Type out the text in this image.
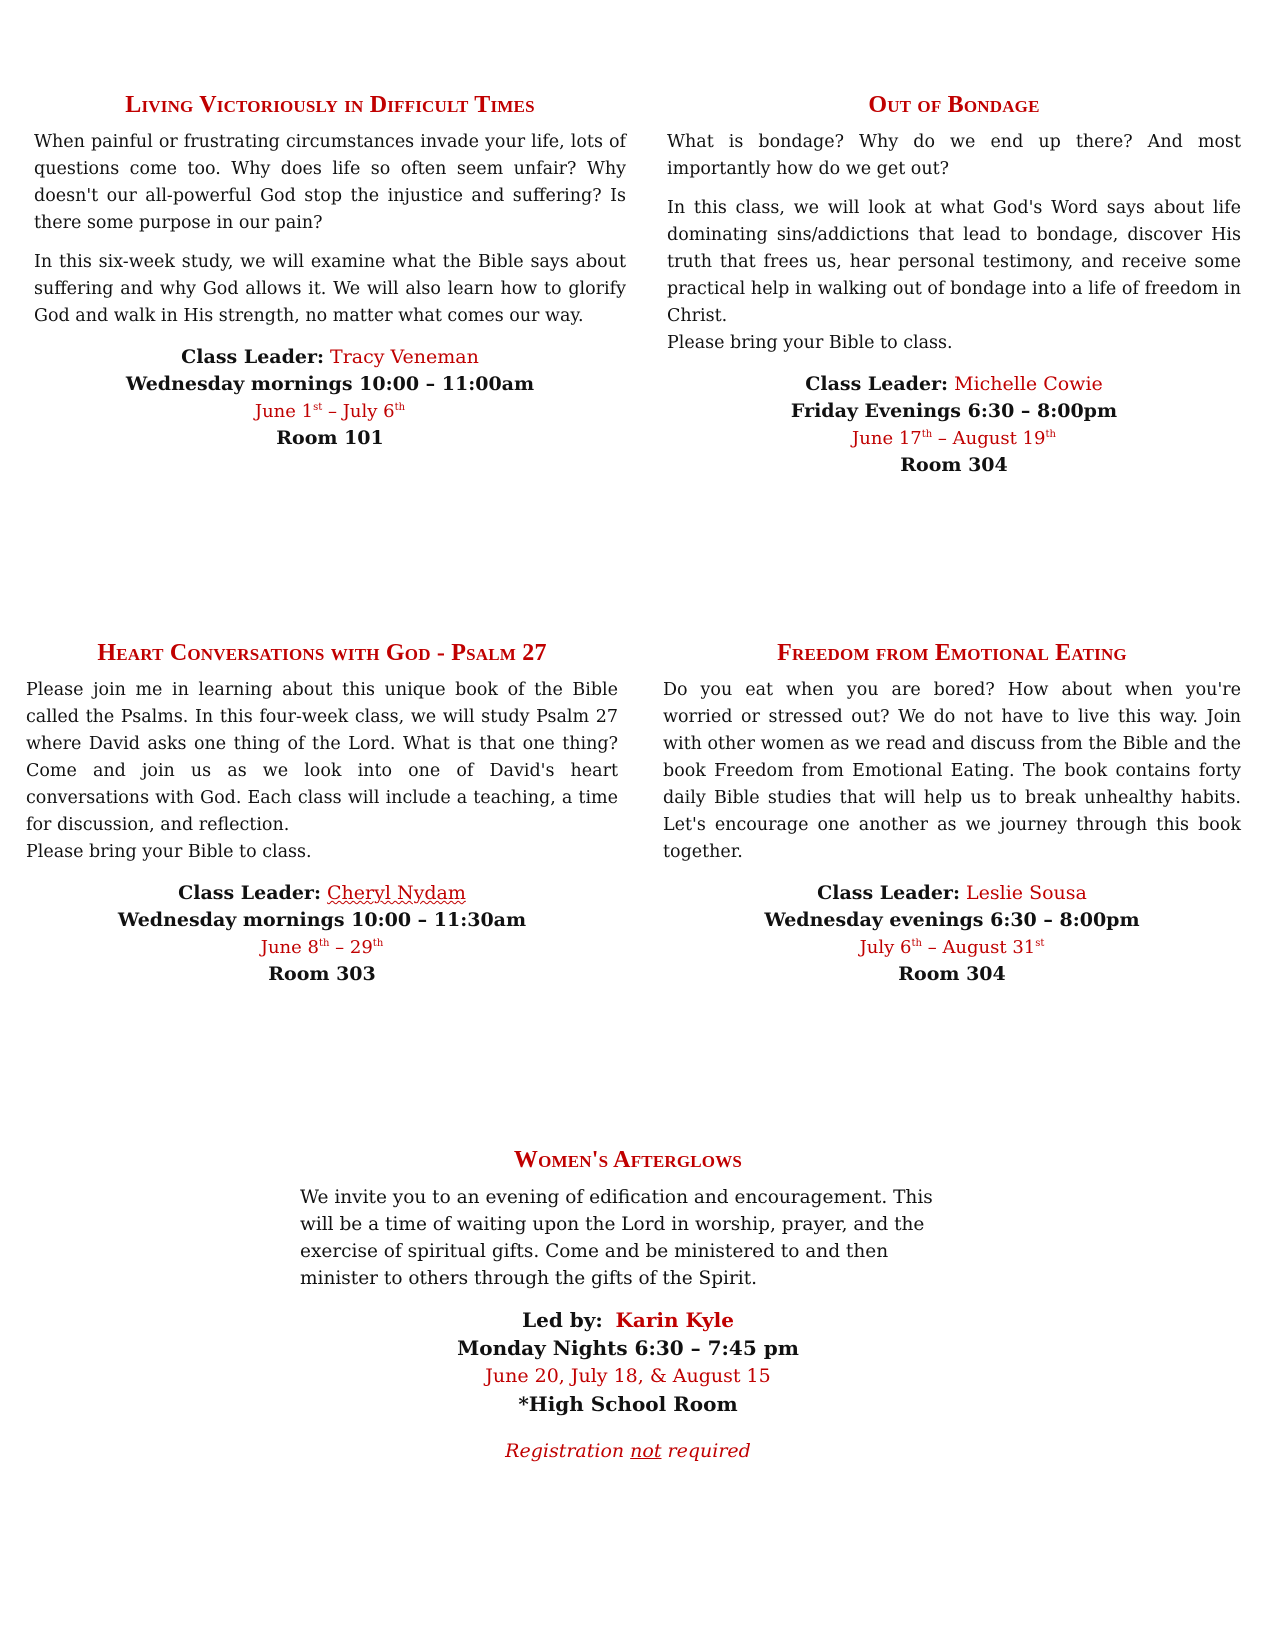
Living Victoriously in Difficult Times

When painful or frustrating circumstances invade your life, lots of questions come too. Why does life so often seem unfair? Why doesn't our all-powerful God stop the injustice and suffering? Is there some purpose in our pain?

In this six-week study, we will examine what the Bible says about suffering and why God allows it. We will also learn how to glorify God and walk in His strength, no matter what comes our way.

Class Leader: Tracy Veneman
Wednesday mornings 10:00 – 11:00am
June 1st – July 6th
Room 101
Out of Bondage

What is bondage? Why do we end up there? And most importantly how do we get out?

In this class, we will look at what God's Word says about life dominating sins/addictions that lead to bondage, discover His truth that frees us, hear personal testimony, and receive some practical help in walking out of bondage into a life of freedom in Christ.

Please bring your Bible to class.

Class Leader: Michelle Cowie
Friday Evenings 6:30 – 8:00pm
June 17th – August 19th
Room 304
Heart Conversations with God - Psalm 27

Please join me in learning about this unique book of the Bible called the Psalms. In this four-week class, we will study Psalm 27 where David asks one thing of the Lord. What is that one thing? Come and join us as we look into one of David's heart conversations with God. Each class will include a teaching, a time for discussion, and reflection.

Please bring your Bible to class.

Class Leader: Cheryl Nydam
Wednesday mornings 10:00 – 11:30am
June 8th – 29th
Room 303
Freedom from Emotional Eating

Do you eat when you are bored? How about when you're worried or stressed out? We do not have to live this way. Join with other women as we read and discuss from the Bible and the book Freedom from Emotional Eating. The book contains forty daily Bible studies that will help us to break unhealthy habits. Let's encourage one another as we journey through this book together.

Class Leader: Leslie Sousa
Wednesday evenings 6:30 – 8:00pm
July 6th – August 31st
Room 304
Women's Afterglows

We invite you to an evening of edification and encouragement. This will be a time of waiting upon the Lord in worship, prayer, and the exercise of spiritual gifts. Come and be ministered to and then minister to others through the gifts of the Spirit.

Led by: Karin Kyle
Monday Nights 6:30 – 7:45 pm
June 20, July 18, & August 15
*High School Room
Registration not required
